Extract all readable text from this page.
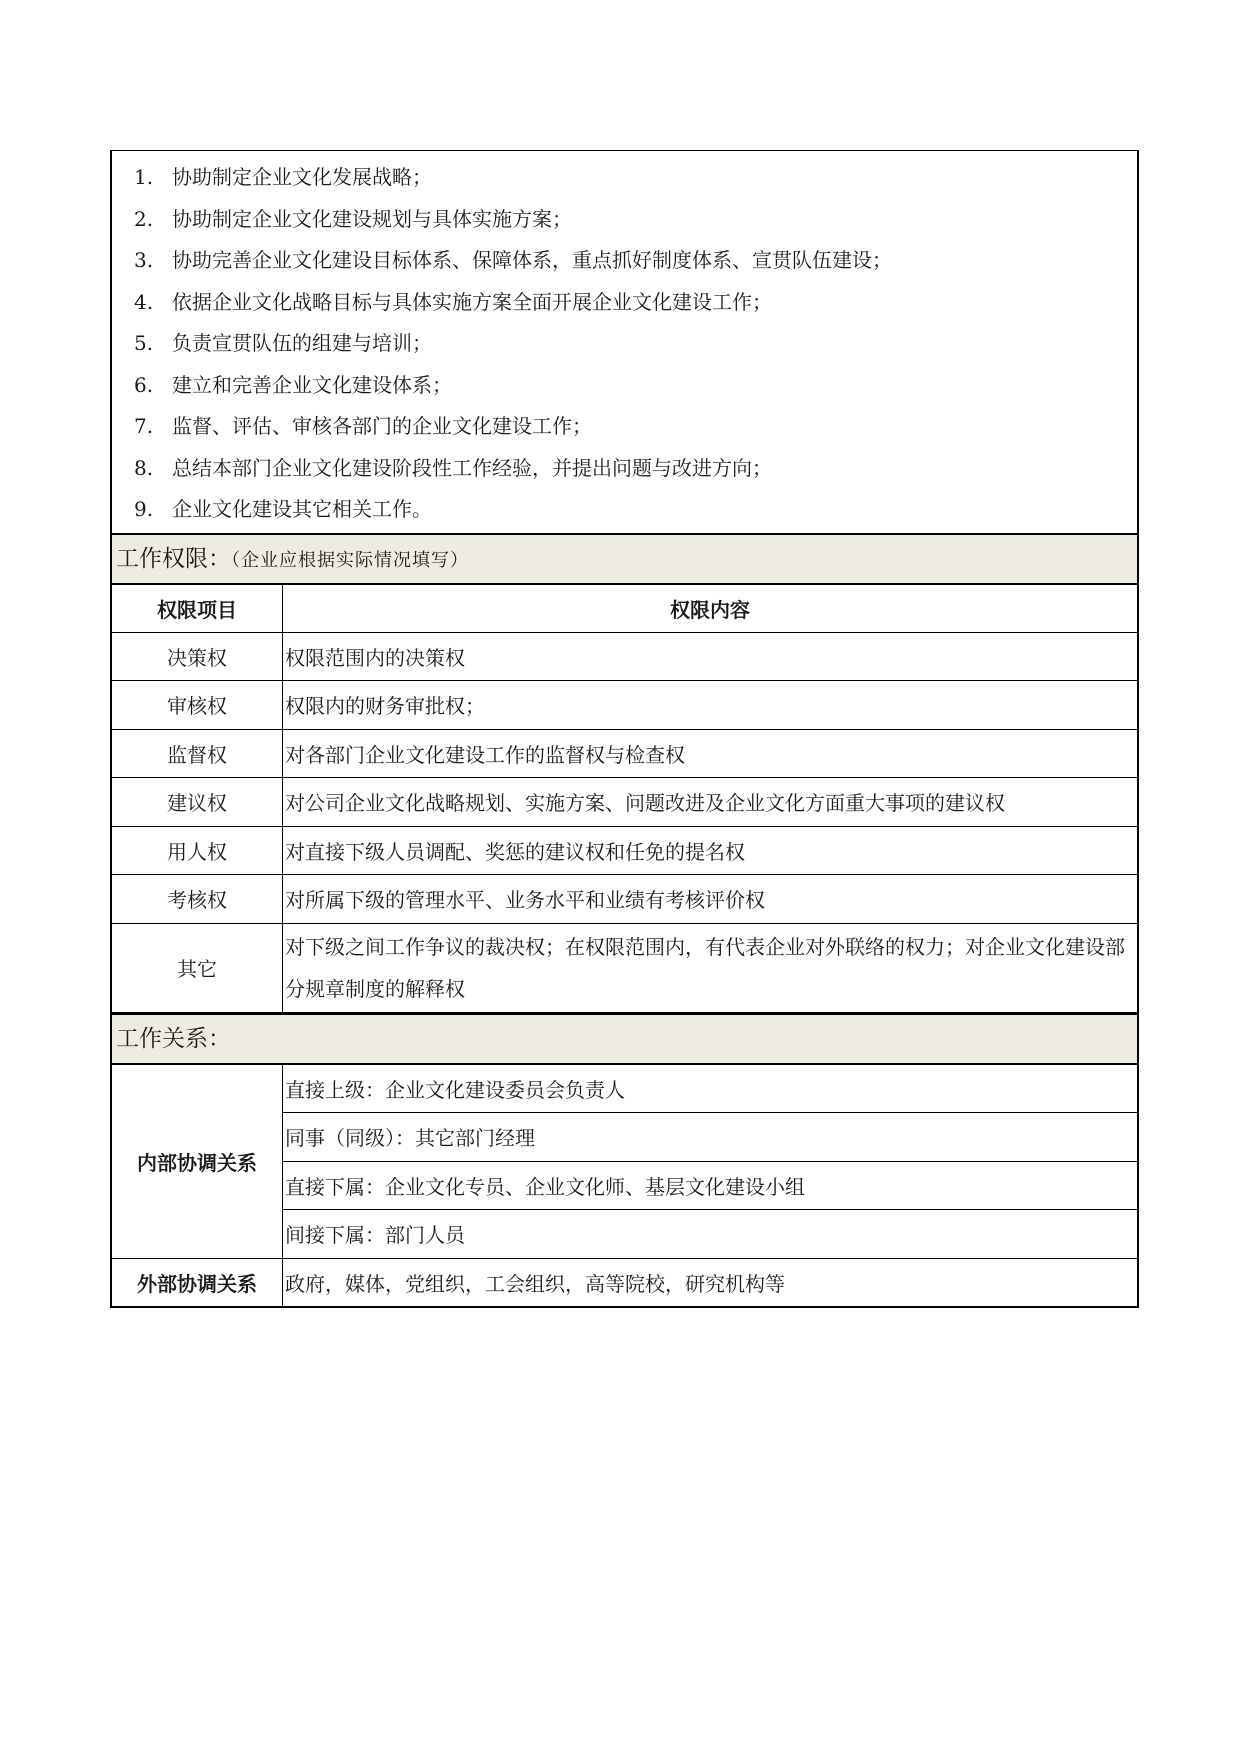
1. 协助制定企业文化发展战略；
2. 协助制定企业文化建设规划与具体实施方案；
3. 协助完善企业文化建设目标体系、保障体系，重点抓好制度体系、宣贯队伍建设；
4. 依据企业文化战略目标与具体实施方案全面开展企业文化建设工作；
5. 负责宣贯队伍的组建与培训；
6. 建立和完善企业文化建设体系；
7. 监督、评估、审核各部门的企业文化建设工作；
8. 总结本部门企业文化建设阶段性工作经验，并提出问题与改进方向；
9. 企业文化建设其它相关工作。
工作权限：（企业应根据实际情况填写）
权限项目	权限内容
决策权	权限范围内的决策权
审核权	权限内的财务审批权；
监督权	对各部门企业文化建设工作的监督权与检查权
建议权	对公司企业文化战略规划、实施方案、问题改进及企业文化方面重大事项的建议权
用人权	对直接下级人员调配、奖惩的建议权和任免的提名权
考核权	对所属下级的管理水平、业务水平和业绩有考核评价权
其它	对下级之间工作争议的裁决权；在权限范围内，有代表企业对外联络的权力；对企业文化建设部分规章制度的解释权
工作关系：
内部协调关系	直接上级：企业文化建设委员会负责人
	同事（同级）：其它部门经理
	直接下属：企业文化专员、企业文化师、基层文化建设小组
	间接下属：部门人员
外部协调关系	政府，媒体，党组织，工会组织，高等院校，研究机构等
